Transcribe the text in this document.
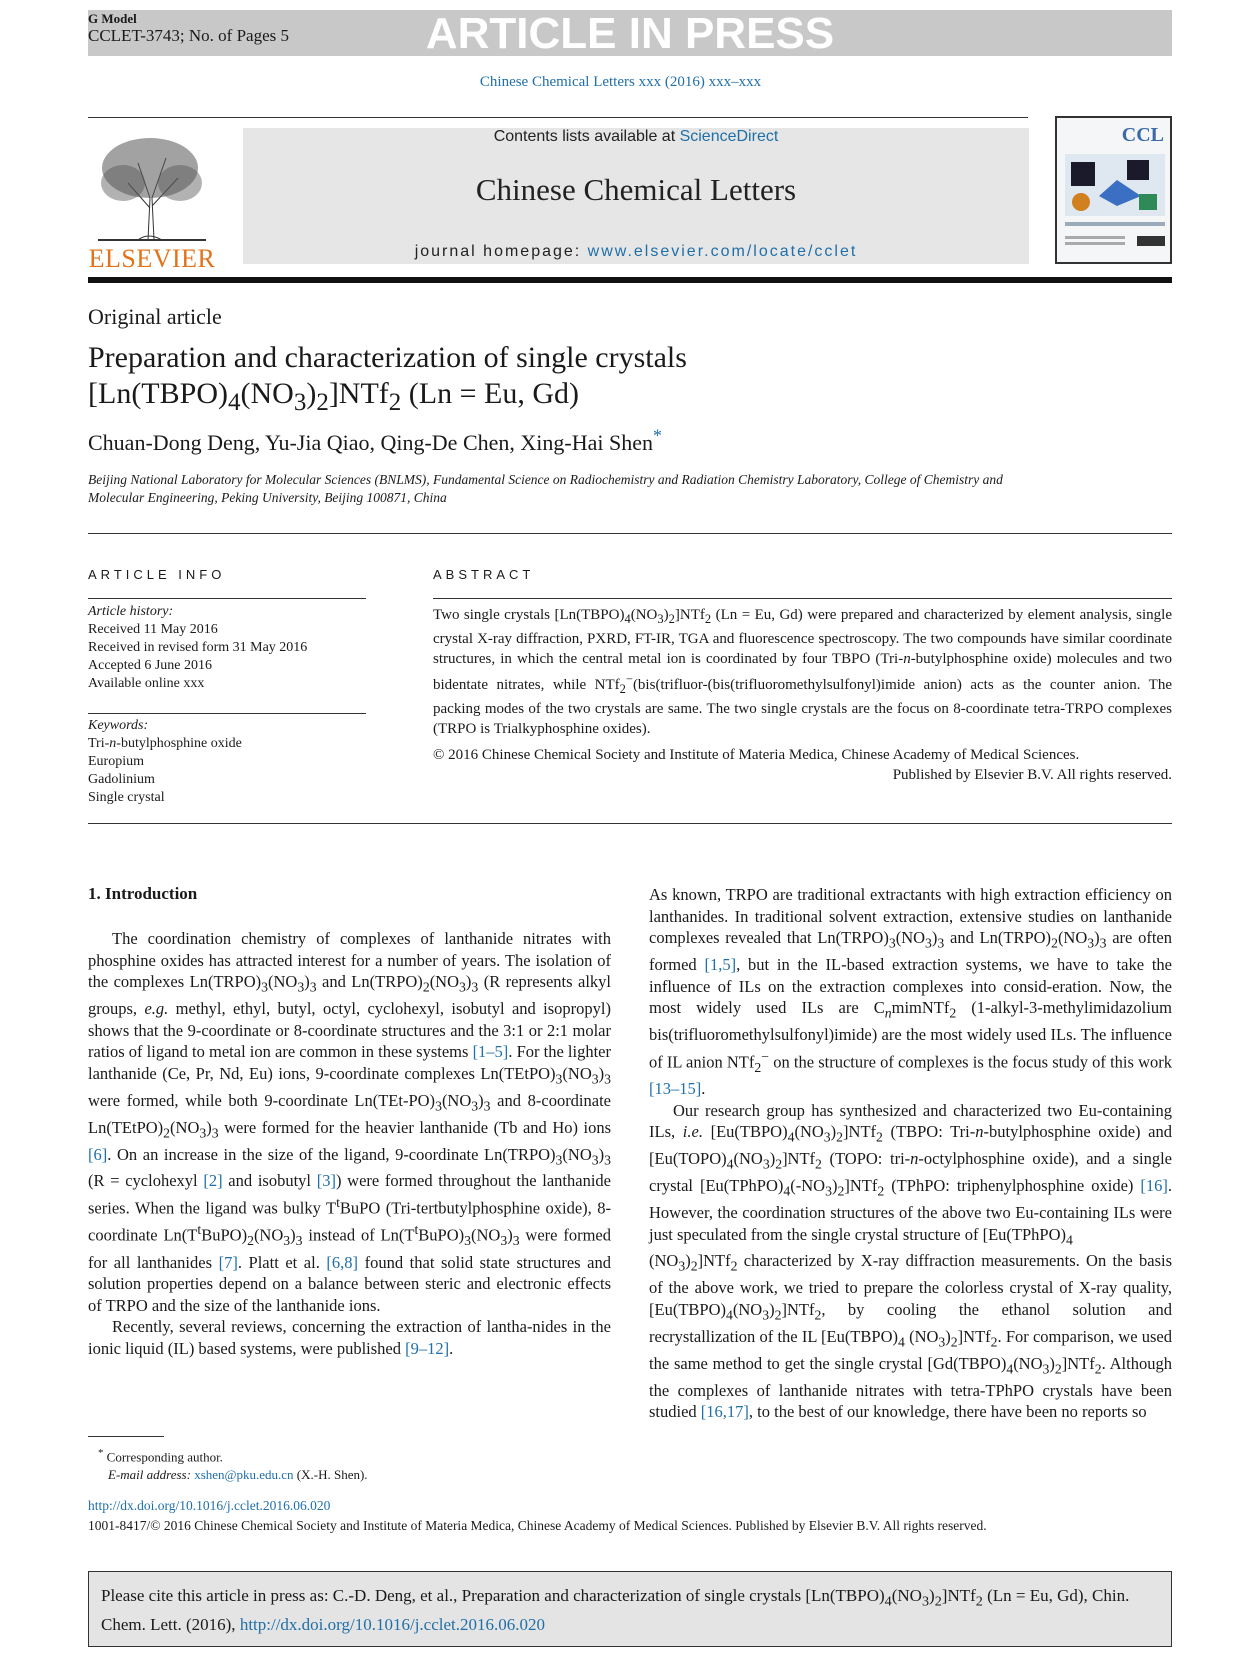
ARTICLE IN PRESS
G Model
CCLET-3743; No. of Pages 5
Chinese Chemical Letters xxx (2016) xxx–xxx
ELSEVIER
Contents lists available at ScienceDirect
Chinese Chemical Letters
journal homepage: www.elsevier.com/locate/cclet
CCL
Original article
Preparation and characterization of single crystals
$[Ln(TBPO)_4(NO_3)_2]NTf_2$ (Ln = Eu, Gd)
Chuan-Dong Deng, Yu-Jia Qiao, Qing-De Chen, Xing-Hai Shen*
Beijing National Laboratory for Molecular Sciences (BNLMS), Fundamental Science on Radiochemistry and Radiation Chemistry Laboratory, College of Chemistry and Molecular Engineering, Peking University, Beijing 100871, China
ARTICLE INFO	ABSTRACT
Article history:
Received 11 May 2016
Received in revised form 31 May 2016
Accepted 6 June 2016
Available online xxx
Keywords:
Tri-n-butylphosphine oxide
Europium
Gadolinium
Single crystal
Two single crystals $[Ln(TBPO)_4(NO_3)_2]NTf_2$ (Ln = Eu, Gd) were prepared and characterized by element analysis, single crystal X-ray diffraction, PXRD, FT-IR, TGA and fluorescence spectroscopy. The two compounds have similar coordinate structures, in which the central metal ion is coordinated by four TBPO (Tri-n-butylphosphine oxide) molecules and two bidentate nitrates, while NTf$_2$−(bis(trifluor-(bis(trifluoromethylsulfonyl)imide anion) acts as the counter anion. The packing modes of the two crystals are same. The two single crystals are the focus on 8-coordinate tetra-TRPO complexes (TRPO is Trialkyphosphine oxides).
© 2016 Chinese Chemical Society and Institute of Materia Medica, Chinese Academy of Medical Sciences.
Published by Elsevier B.V. All rights reserved.
1. Introduction

The coordination chemistry of complexes of lanthanide nitrates with phosphine oxides has attracted interest for a number of years. The isolation of the complexes $Ln(TRPO)_3(NO_3)_3$ and $Ln(TRPO)_2(NO_3)_3$ (R represents alkyl groups, e.g. methyl, ethyl, butyl, octyl, cyclohexyl, isobutyl and isopropyl) shows that the 9-coordinate or 8-coordinate structures and the 3:1 or 2:1 molar ratios of ligand to metal ion are common in these systems [1–5]. For the lighter lanthanide (Ce, Pr, Nd, Eu) ions, 9-coordinate complexes $Ln(TEtPO)_3(NO_3)_3$ were formed, while both 9-coordinate $Ln(TEt-PO)_3(NO_3)_3$ and 8-coordinate $Ln(TEtPO)_2(NO_3)_3$ were formed for the heavier lanthanide (Tb and Ho) ions [6]. On an increase in the size of the ligand, 9-coordinate $Ln(TRPO)_3(NO_3)_3$ (R = cyclohexyl [2] and isobutyl [3]) were formed throughout the lanthanide series. When the ligand was bulky $T^tBuPO$ (Tri-tertbutylphosphine oxide), 8-coordinate $Ln(T^tBuPO)_2(NO_3)_3$ instead of $Ln(T^tBuPO)_3(NO_3)_3$ were formed for all lanthanides [7]. Platt et al. [6,8] found that solid state structures and solution properties depend on a balance between steric and electronic effects of TRPO and the size of the lanthanide ions.

Recently, several reviews, concerning the extraction of lantha-nides in the ionic liquid (IL) based systems, were published [9–12].

As known, TRPO are traditional extractants with high extraction efficiency on lanthanides. In traditional solvent extraction, extensive studies on lanthanide complexes revealed that $Ln(TRPO)_3(NO_3)_3$ and $Ln(TRPO)_2(NO_3)_3$ are often formed [1,5], but in the IL-based extraction systems, we have to take the influence of ILs on the extraction complexes into consid-eration. Now, the most widely used ILs are $C_nmimNTf_2$ (1-alkyl-3-methylimidazolium bis(trifluoromethylsulfonyl)imide) are the most widely used ILs. The influence of IL anion NTf$_2$− on the structure of complexes is the focus study of this work [13–15].

Our research group has synthesized and characterized two Eu-containing ILs, i.e. $[Eu(TBPO)_4(NO_3)_2]NTf_2$ (TBPO: Tri-n-butylphosphine oxide) and $[Eu(TOPO)_4(NO_3)_2]NTf_2$ (TOPO: tri-n-octylphosphine oxide), and a single crystal $[Eu(TPhPO)_4(-NO_3)_2]NTf_2$ (TPhPO: triphenylphosphine oxide) [16]. However, the coordination structures of the above two Eu-containing ILs were just speculated from the single crystal structure of [$Eu(TPhPO)_4$
$(NO_3)_2]NTf_2$ characterized by X-ray diffraction measurements. On the basis of the above work, we tried to prepare the colorless crystal of X-ray quality, $[Eu(TBPO)_4(NO_3)_2]NTf_2$, by cooling the ethanol solution and recrystallization of the IL [$Eu(TBPO)_4$ $(NO_3)_2]NTf_2$. For comparison, we used the same method to get the single crystal $[Gd(TBPO)_4(NO_3)_2]NTf_2$. Although the complexes of lanthanide nitrates with tetra-TPhPO crystals have been studied [16,17], to the best of our knowledge, there have been no reports so

* Corresponding author.
E-mail address: xshen@pku.edu.cn (X.-H. Shen).
http://dx.doi.org/10.1016/j.cclet.2016.06.020
1001-8417/© 2016 Chinese Chemical Society and Institute of Materia Medica, Chinese Academy of Medical Sciences. Published by Elsevier B.V. All rights reserved.
Please cite this article in press as: C.-D. Deng, et al., Preparation and characterization of single crystals $[Ln(TBPO)_4(NO_3)_2]NTf_2$ (Ln = Eu, Gd), Chin. Chem. Lett. (2016), http://dx.doi.org/10.1016/j.cclet.2016.06.020
